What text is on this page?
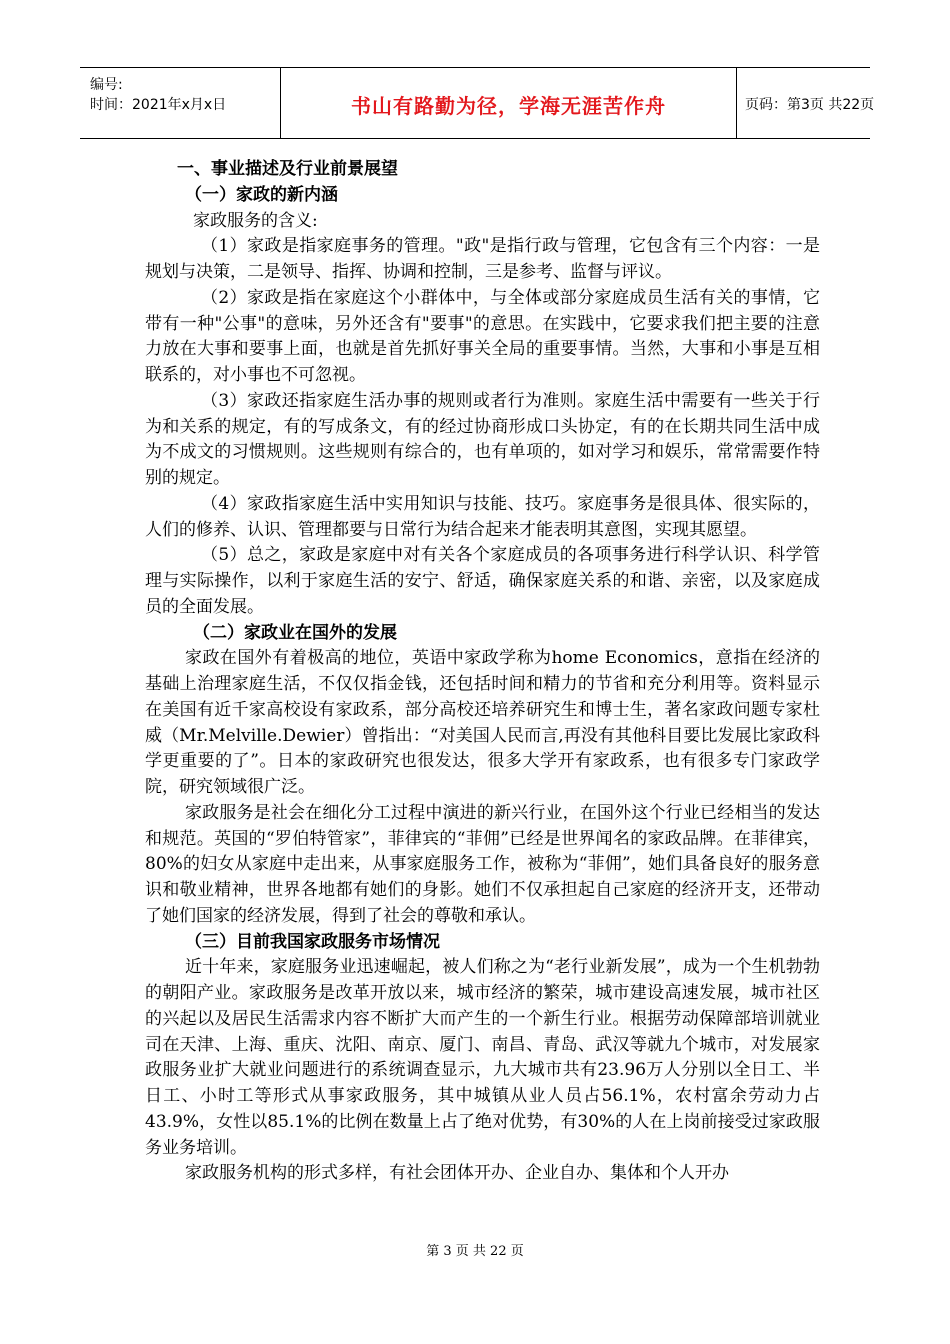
编号:
时间：2021年x月x日	书山有路勤为径，学海无涯苦作舟	页码：第3页 共22页

一、事业描述及行业前景展望

（一）家政的新内涵

家政服务的含义:

（1）家政是指家庭事务的管理。"政"是指行政与管理，它包含有三个内容：一是规划与决策，二是领导、指挥、协调和控制，三是参考、监督与评议。

（2）家政是指在家庭这个小群体中，与全体或部分家庭成员生活有关的事情，它带有一种"公事"的意味，另外还含有"要事"的意思。在实践中，它要求我们把主要的注意力放在大事和要事上面，也就是首先抓好事关全局的重要事情。当然，大事和小事是互相联系的，对小事也不可忽视。

（3）家政还指家庭生活办事的规则或者行为准则。家庭生活中需要有一些关于行为和关系的规定，有的写成条文，有的经过协商形成口头协定，有的在长期共同生活中成为不成文的习惯规则。这些规则有综合的，也有单项的，如对学习和娱乐，常常需要作特别的规定。

（4）家政指家庭生活中实用知识与技能、技巧。家庭事务是很具体、很实际的，人们的修养、认识、管理都要与日常行为结合起来才能表明其意图，实现其愿望。

（5）总之，家政是家庭中对有关各个家庭成员的各项事务进行科学认识、科学管理与实际操作，以利于家庭生活的安宁、舒适，确保家庭关系的和谐、亲密，以及家庭成员的全面发展。

（二）家政业在国外的发展

家政在国外有着极高的地位，英语中家政学称为home Economics，意指在经济的基础上治理家庭生活，不仅仅指金钱，还包括时间和精力的节省和充分利用等。资料显示在美国有近千家高校设有家政系，部分高校还培养研究生和博士生，著名家政问题专家杜威（Mr.Melville.Dewier）曾指出：“对美国人民而言,再没有其他科目要比发展比家政科学更重要的了”。日本的家政研究也很发达，很多大学开有家政系，也有很多专门家政学院，研究领域很广泛。

家政服务是社会在细化分工过程中演进的新兴行业，在国外这个行业已经相当的发达和规范。英国的“罗伯特管家”，菲律宾的“菲佣”已经是世界闻名的家政品牌。在菲律宾，80%的妇女从家庭中走出来，从事家庭服务工作，被称为“菲佣”，她们具备良好的服务意识和敬业精神，世界各地都有她们的身影。她们不仅承担起自己家庭的经济开支，还带动了她们国家的经济发展，得到了社会的尊敬和承认。

（三）目前我国家政服务市场情况

近十年来，家庭服务业迅速崛起，被人们称之为“老行业新发展”，成为一个生机勃勃的朝阳产业。家政服务是改革开放以来，城市经济的繁荣，城市建设高速发展，城市社区的兴起以及居民生活需求内容不断扩大而产生的一个新生行业。根据劳动保障部培训就业司在天津、上海、重庆、沈阳、南京、厦门、南昌、青岛、武汉等就九个城市，对发展家政服务业扩大就业问题进行的系统调查显示，九大城市共有23.96万人分别以全日工、半日工、小时工等形式从事家政服务，其中城镇从业人员占56.1%，农村富余劳动力占43.9%，女性以85.1%的比例在数量上占了绝对优势，有30%的人在上岗前接受过家政服务业务培训。

家政服务机构的形式多样，有社会团体开办、企业自办、集体和个人开办

第 3 页 共 22 页
